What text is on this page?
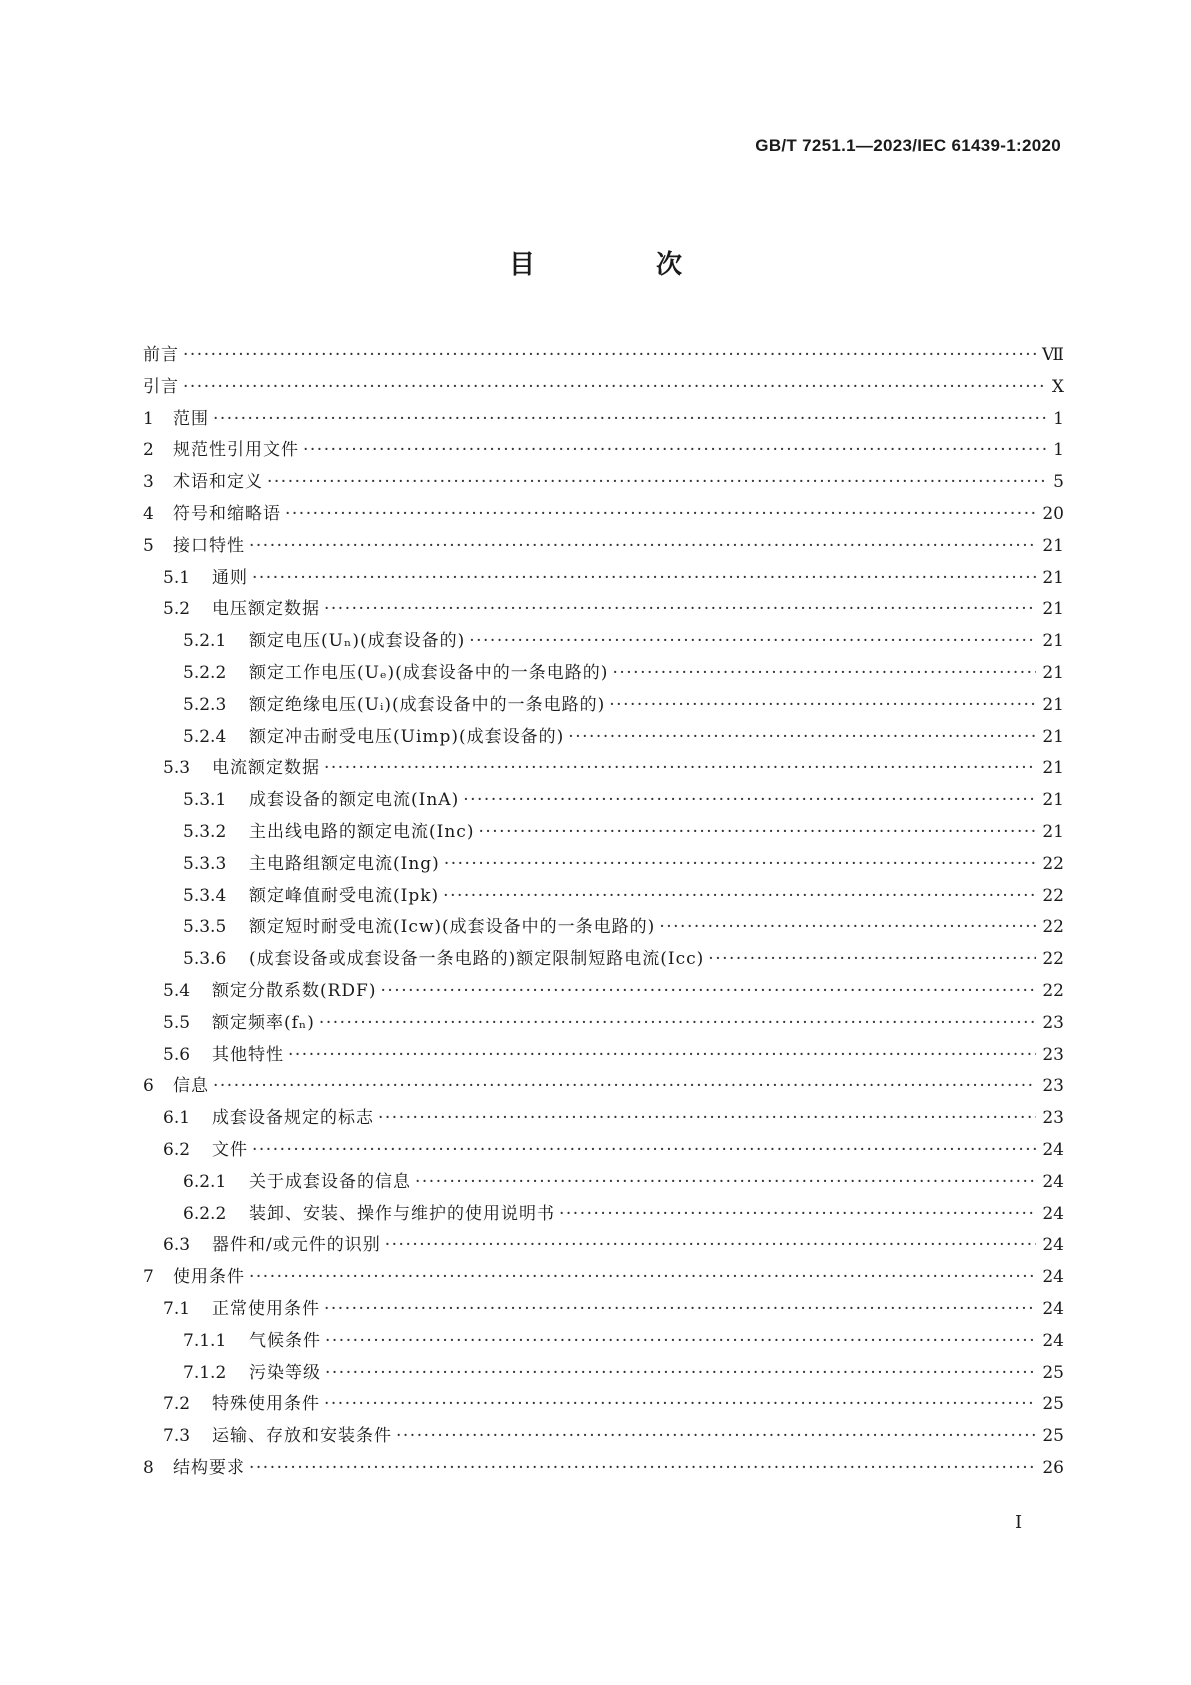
GB/T 7251.1—2023/IEC 61439-1:2020
目 次
前言 ·····	Ⅶ
引言 ·····	Ⅹ
1 范围 ·····	1
2 规范性引用文件 ·····	1
3 术语和定义 ·····	5
4 符号和缩略语 ·····	20
5 接口特性 ·····	21
5.1 通则 ·····	21
5.2 电压额定数据 ·····	21
5.2.1 额定电压(Uₙ)(成套设备的) ·····	21
5.2.2 额定工作电压(Uₑ)(成套设备中的一条电路的) ·····	21
5.2.3 额定绝缘电压(Uᵢ)(成套设备中的一条电路的) ·····	21
5.2.4 额定冲击耐受电压(Uimp)(成套设备的) ·····	21
5.3 电流额定数据 ·····	21
5.3.1 成套设备的额定电流(InA) ·····	21
5.3.2 主出线电路的额定电流(Inc) ·····	21
5.3.3 主电路组额定电流(Ing) ·····	22
5.3.4 额定峰值耐受电流(Ipk) ·····	22
5.3.5 额定短时耐受电流(Icw)(成套设备中的一条电路的) ·····	22
5.3.6 (成套设备或成套设备一条电路的)额定限制短路电流(Icc) ·····	22
5.4 额定分散系数(RDF) ·····	22
5.5 额定频率(fₙ) ·····	23
5.6 其他特性 ·····	23
6 信息 ·····	23
6.1 成套设备规定的标志 ·····	23
6.2 文件 ·····	24
6.2.1 关于成套设备的信息 ·····	24
6.2.2 装卸、安装、操作与维护的使用说明书 ·····	24
6.3 器件和/或元件的识别 ·····	24
7 使用条件 ·····	24
7.1 正常使用条件 ·····	24
7.1.1 气候条件 ·····	24
7.1.2 污染等级 ·····	25
7.2 特殊使用条件 ·····	25
7.3 运输、存放和安装条件 ·····	25
8 结构要求 ·····	26
I
